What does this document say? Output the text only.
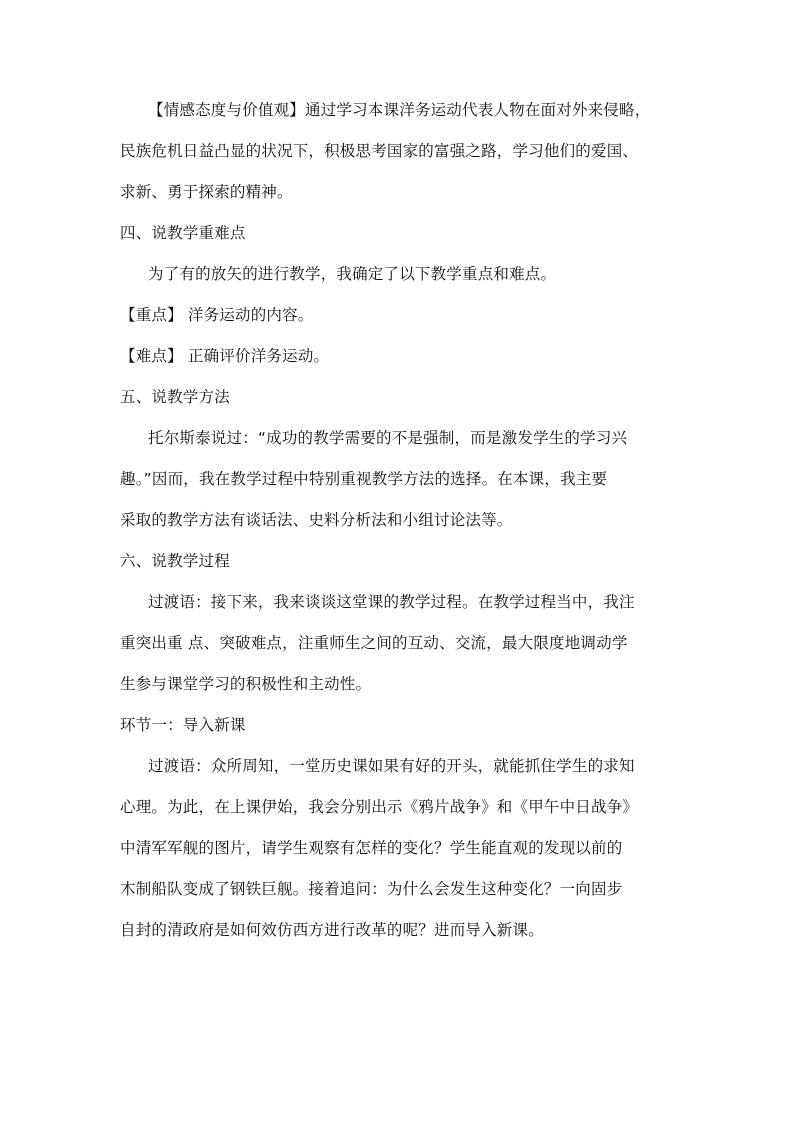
【情感态度与价值观】通过学习本课洋务运动代表人物在面对外来侵略，
民族危机日益凸显的状况下，积极思考国家的富强之路，学习他们的爱国、
求新、勇于探索的精神。
四、说教学重难点
为了有的放矢的进行教学，我确定了以下教学重点和难点。
【重点】 洋务运动的内容。
【难点】 正确评价洋务运动。
五、说教学方法
托尔斯泰说过：“成功的教学需要的不是强制，而是激发学生的学习兴
趣。”因而，我在教学过程中特别重视教学方法的选择。在本课，我主要
采取的教学方法有谈话法、史料分析法和小组讨论法等。
六、说教学过程
过渡语：接下来，我来谈谈这堂课的教学过程。在教学过程当中，我注
重突出重 点、突破难点，注重师生之间的互动、交流，最大限度地调动学
生参与课堂学习的积极性和主动性。
环节一：导入新课
过渡语：众所周知，一堂历史课如果有好的开头，就能抓住学生的求知
心理。为此，在上课伊始，我会分别出示《鸦片战争》和《甲午中日战争》
中清军军舰的图片，请学生观察有怎样的变化？学生能直观的发现以前的
木制船队变成了钢铁巨舰。接着追问：为什么会发生这种变化？一向固步
自封的清政府是如何效仿西方进行改革的呢？进而导入新课。
